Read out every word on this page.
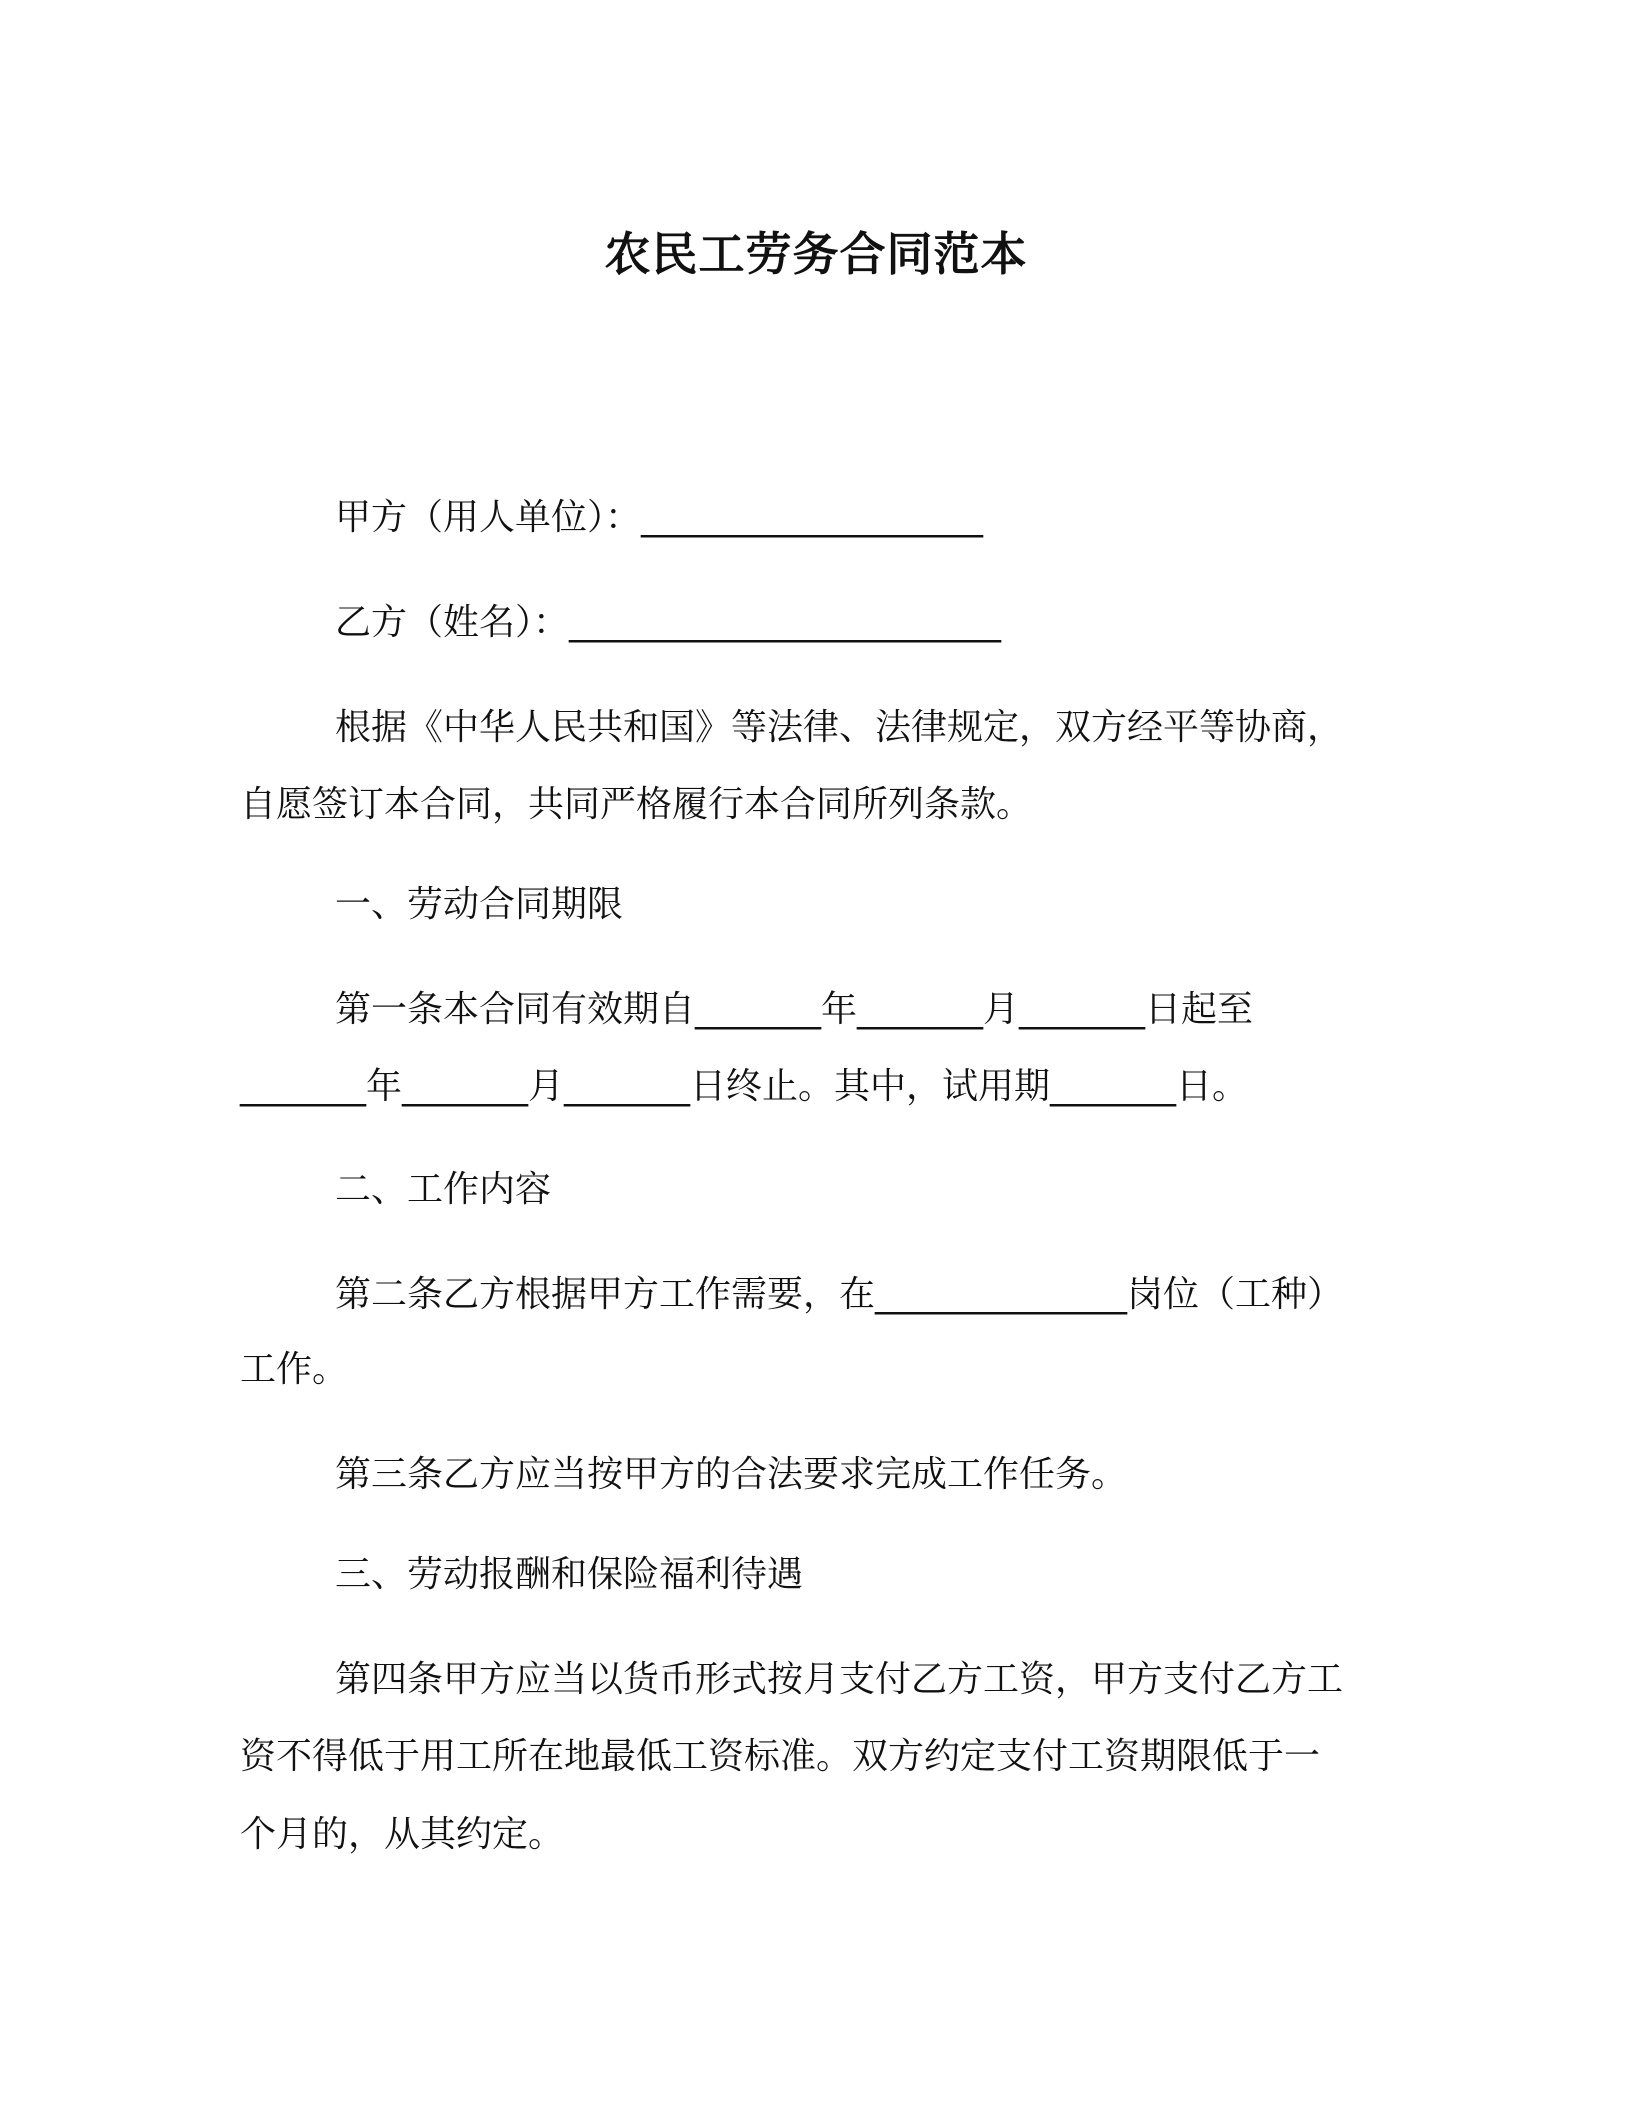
农民工劳务合同范本
甲方（用人单位）：___________________
乙方（姓名）：________________________
根据《中华人民共和国》等法律、法律规定，双方经平等协商，
自愿签订本合同，共同严格履行本合同所列条款。
一、劳动合同期限
第一条本合同有效期自_______年_______月_______日起至
_______年_______月_______日终止。其中，试用期_______日。
二、工作内容
第二条乙方根据甲方工作需要，在______________岗位（工种）
工作。
第三条乙方应当按甲方的合法要求完成工作任务。
三、劳动报酬和保险福利待遇
第四条甲方应当以货币形式按月支付乙方工资，甲方支付乙方工
资不得低于用工所在地最低工资标准。双方约定支付工资期限低于一
个月的，从其约定。
